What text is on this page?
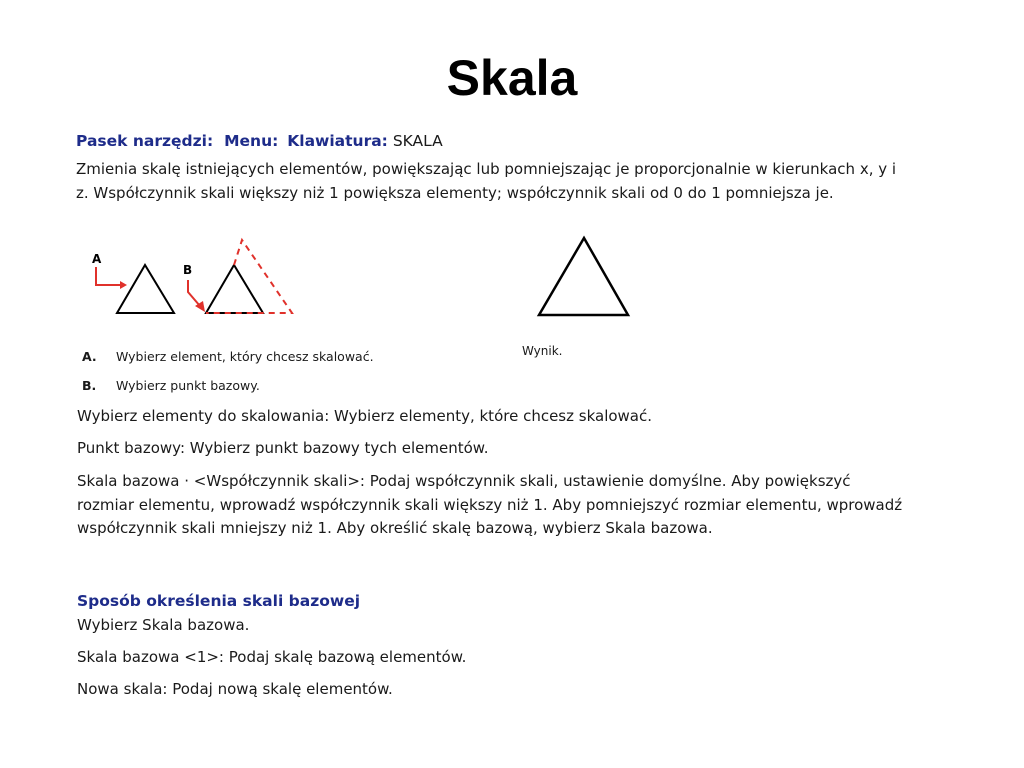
Skala
Pasek narzędzi: Menu: Klawiatura: SKALA
Zmienia skalę istniejących elementów, powiększając lub pomniejszając je proporcjonalnie w kierunkach x, y i z. Współczynnik skali większy niż 1 powiększa elementy; współczynnik skali od 0 do 1 pomniejsza je.
A
B
Wynik.
A. Wybierz element, który chcesz skalować.
B. Wybierz punkt bazowy.
Wybierz elementy do skalowania: Wybierz elementy, które chcesz skalować.
Punkt bazowy: Wybierz punkt bazowy tych elementów.
Skala bazowa · <Współczynnik skali>: Podaj współczynnik skali, ustawienie domyślne. Aby powiększyć rozmiar elementu, wprowadź współczynnik skali większy niż 1. Aby pomniejszyć rozmiar elementu, wprowadź współczynnik skali mniejszy niż 1. Aby określić skalę bazową, wybierz Skala bazowa.
Sposób określenia skali bazowej
Wybierz Skala bazowa.
Skala bazowa <1>: Podaj skalę bazową elementów.
Nowa skala: Podaj nową skalę elementów.
